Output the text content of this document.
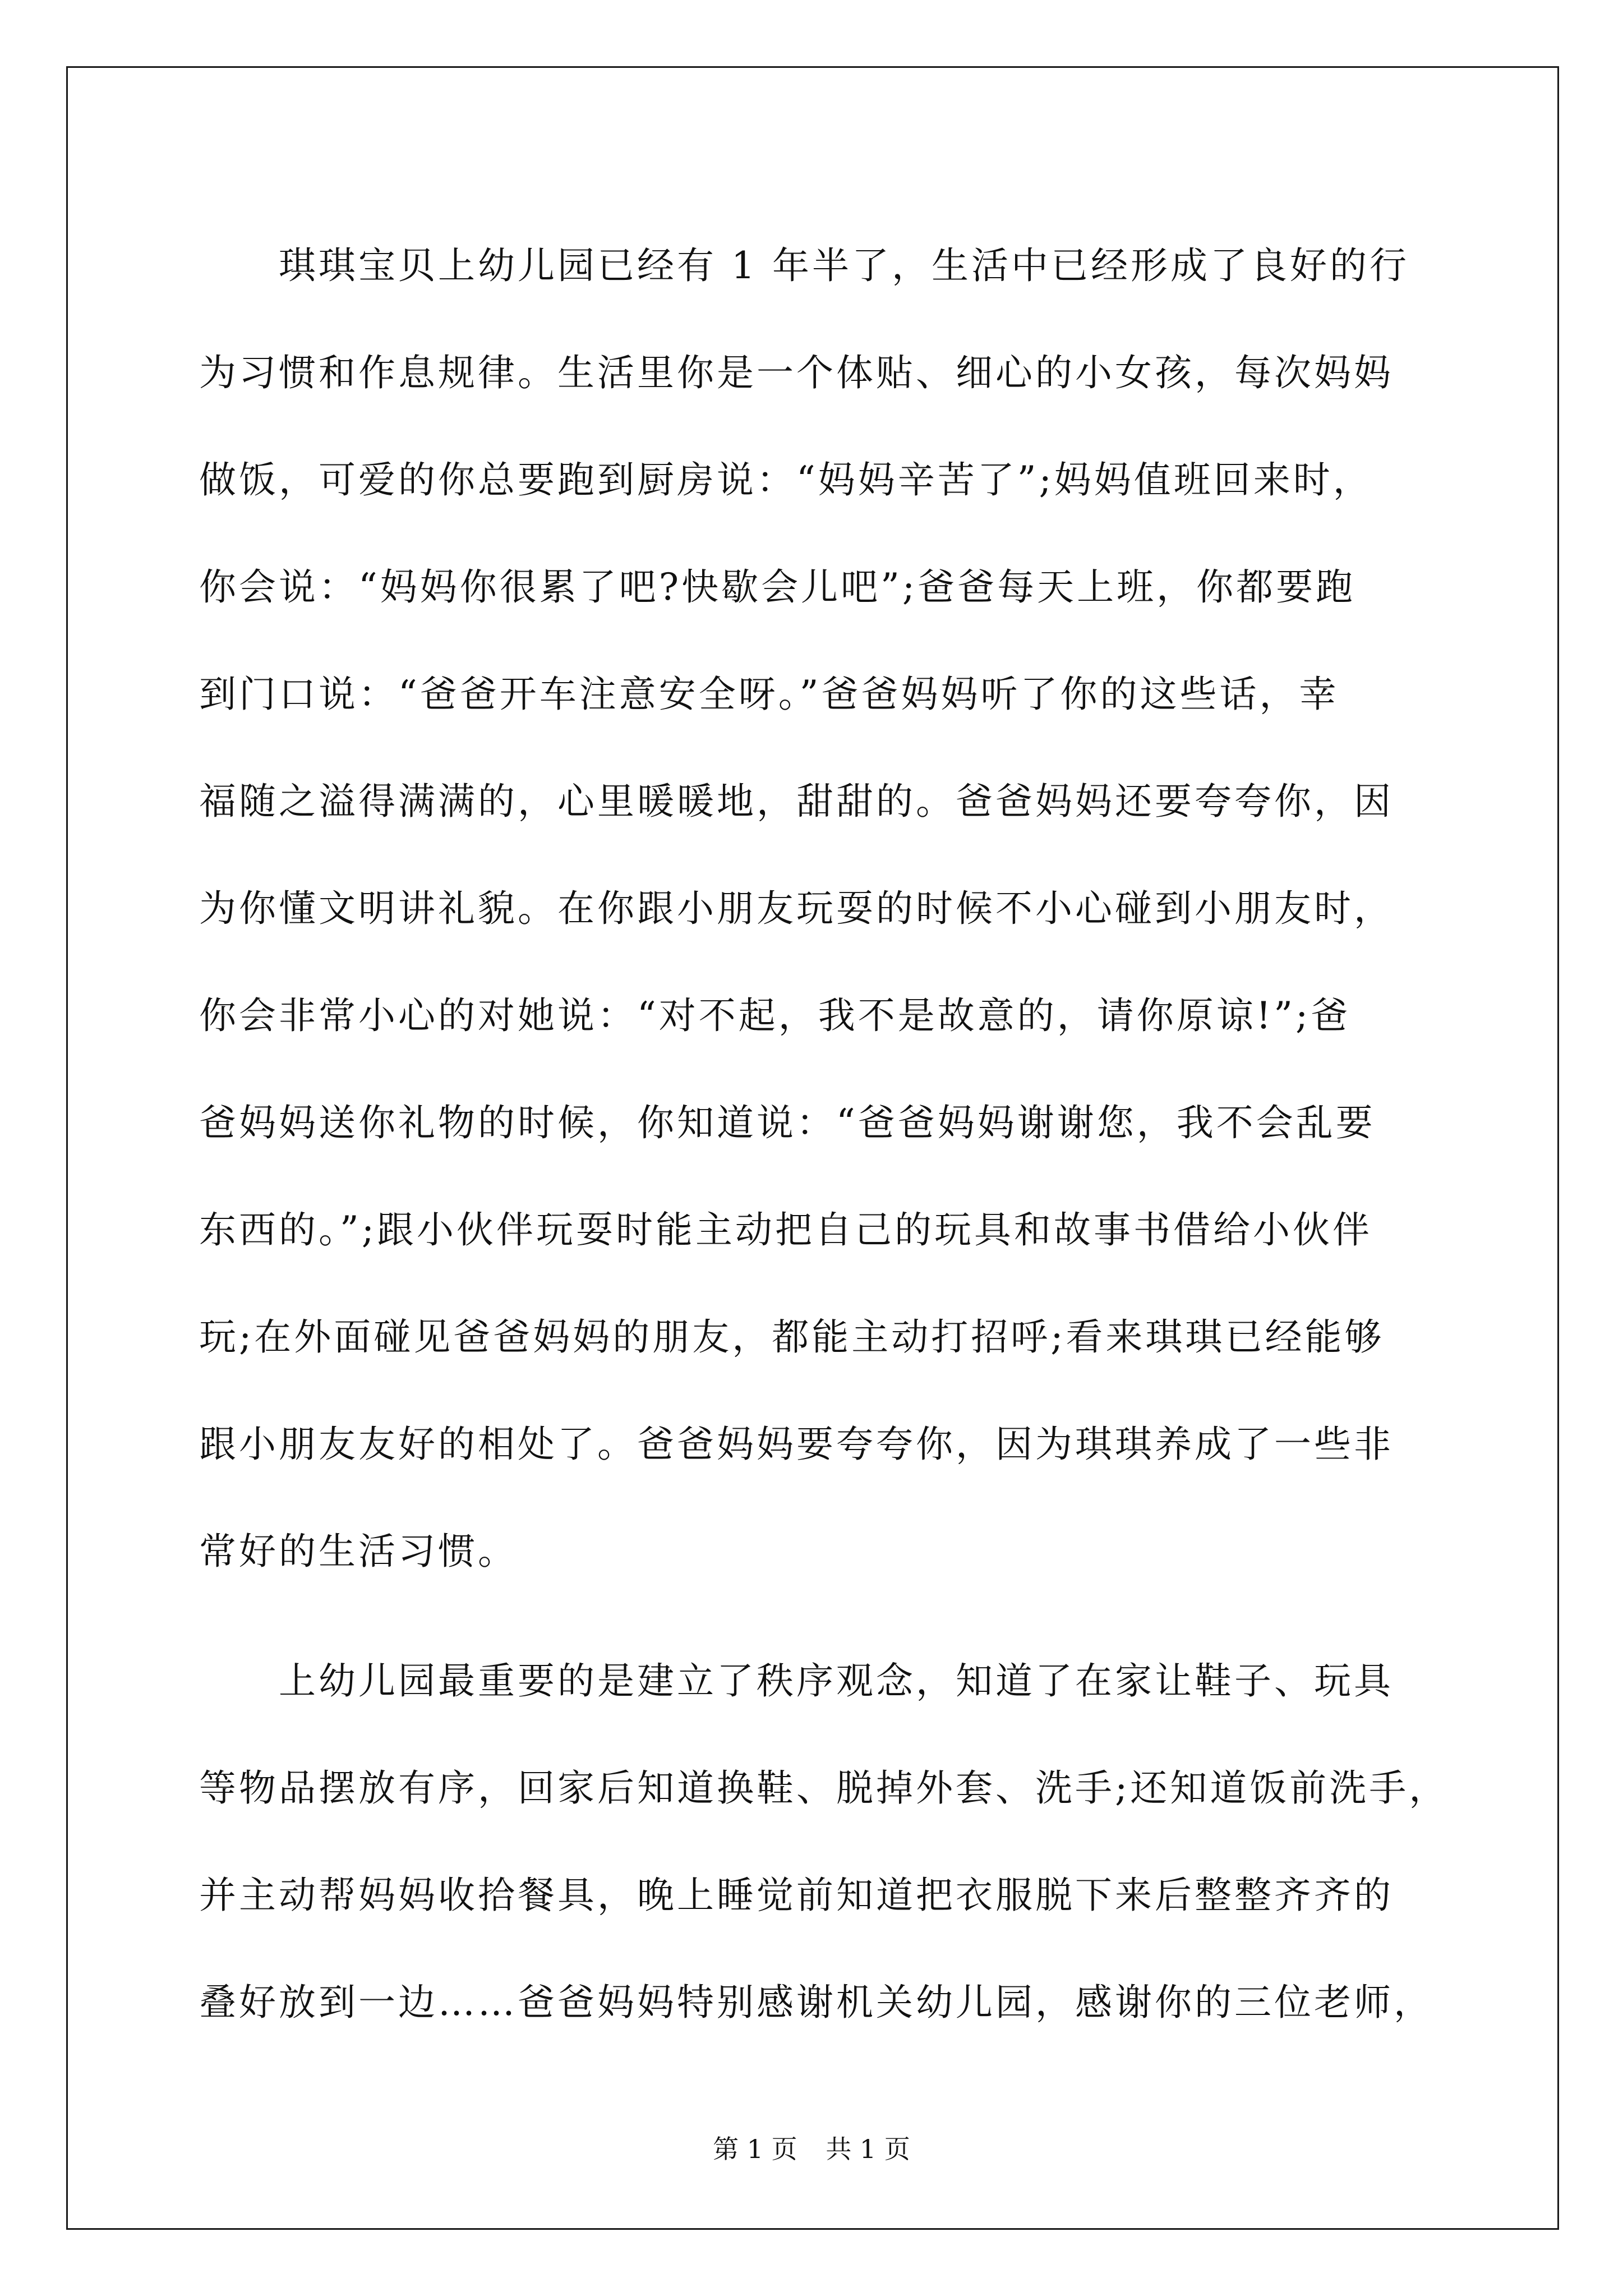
　　琪琪宝贝上幼儿园已经有 1 年半了，生活中已经形成了良好的行
为习惯和作息规律。生活里你是一个体贴、细心的小女孩，每次妈妈
做饭，可爱的你总要跑到厨房说：“妈妈辛苦了”;妈妈值班回来时，
你会说：“妈妈你很累了吧?快歇会儿吧”;爸爸每天上班，你都要跑
到门口说：“爸爸开车注意安全呀。”爸爸妈妈听了你的这些话，幸
福随之溢得满满的，心里暖暖地，甜甜的。爸爸妈妈还要夸夸你，因
为你懂文明讲礼貌。在你跟小朋友玩耍的时候不小心碰到小朋友时，
你会非常小心的对她说：“对不起，我不是故意的，请你原谅!”;爸
爸妈妈送你礼物的时候，你知道说：“爸爸妈妈谢谢您，我不会乱要
东西的。”;跟小伙伴玩耍时能主动把自己的玩具和故事书借给小伙伴
玩;在外面碰见爸爸妈妈的朋友，都能主动打招呼;看来琪琪已经能够
跟小朋友友好的相处了。爸爸妈妈要夸夸你，因为琪琪养成了一些非
常好的生活习惯。
　　上幼儿园最重要的是建立了秩序观念，知道了在家让鞋子、玩具
等物品摆放有序，回家后知道换鞋、脱掉外套、洗手;还知道饭前洗手，
并主动帮妈妈收拾餐具，晚上睡觉前知道把衣服脱下来后整整齐齐的
叠好放到一边……爸爸妈妈特别感谢机关幼儿园，感谢你的三位老师，
第 1 页 共 1 页
